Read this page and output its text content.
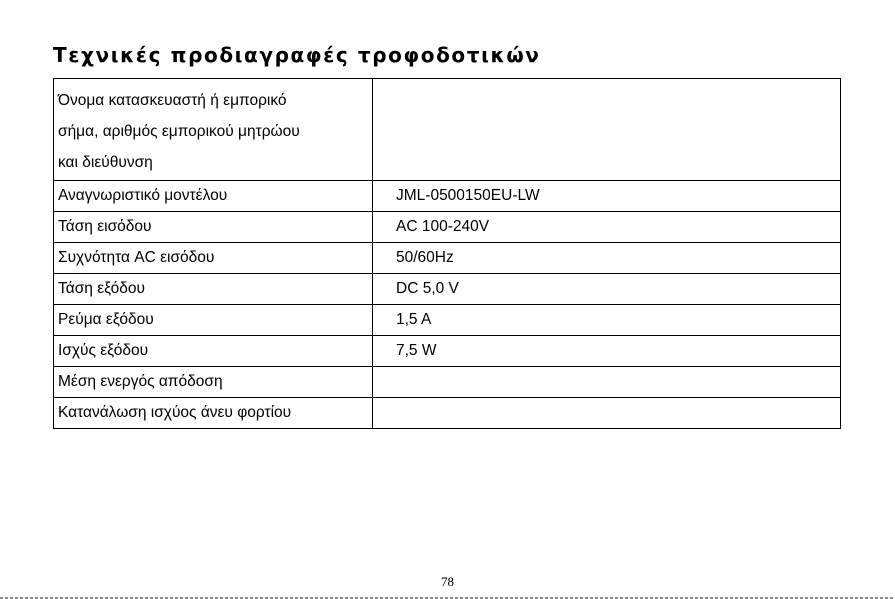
Τεχνικές προδιαγραφές τροφοδοτικών
Όνομα κατασκευαστή ή εμπορικό
σήμα, αριθμός εμπορικού μητρώου
και διεύθυνση	

Αναγνωριστικό μοντέλου	JML-0500150EU-LW
Τάση εισόδου	AC 100-240V
Συχνότητα AC εισόδου	50/60Hz
Τάση εξόδου	DC 5,0 V
Ρεύμα εξόδου	1,5 A
Ισχύς εξόδου	7,5 W
Μέση ενεργός απόδοση	
Κατανάλωση ισχύος άνευ φορτίου	
78
